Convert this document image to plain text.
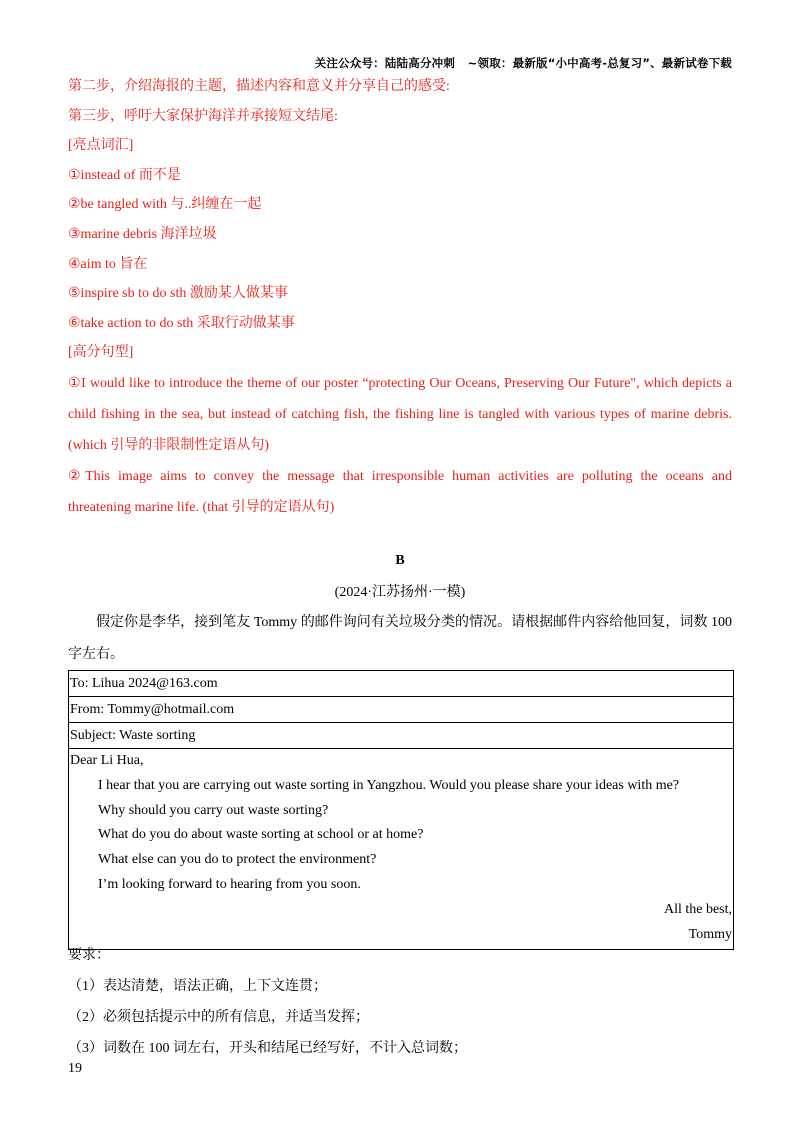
关注公众号：陆陆高分冲刺 ~领取：最新版“小中高考-总复习”、最新试卷下载
第二步，介绍海报的主题，描述内容和意义并分享自己的感受:
第三步，呼吁大家保护海洋并承接短文结尾:
[亮点词汇]
①instead of 而不是
②be tangled with 与..纠缠在一起
③marine debris 海洋垃圾
④aim to 旨在
⑤inspire sb to do sth 激励某人做某事
⑥take action to do sth 采取行动做某事
[高分句型]
①I would like to introduce the theme of our poster “protecting Our Oceans, Preserving Our Future", which depicts a
child fishing in the sea, but instead of catching fish, the fishing line is tangled with various types of marine debris.
(which 引导的非限制性定语从句)
②This image aims to convey the message that irresponsible human activities are polluting the oceans and
threatening marine life. (that 引导的定语从句)
B
(2024·江苏扬州·一模)
假定你是李华，接到笔友 Tommy 的邮件询问有关垃圾分类的情况。请根据邮件内容给他回复，词数 100 字左右。
To: Lihua 2024@163.com
From: Tommy@hotmail.com
Subject: Waste sorting
Dear Li Hua,
I hear that you are carrying out waste sorting in Yangzhou. Would you please share your ideas with me?
Why should you carry out waste sorting?
What do you do about waste sorting at school or at home?
What else can you do to protect the environment?
I’m looking forward to hearing from you soon.
All the best,
Tommy
要求：
（1）表达清楚，语法正确，上下文连贯；
（2）必须包括提示中的所有信息，并适当发挥；
（3）词数在 100 词左右，开头和结尾已经写好，不计入总词数；
19
